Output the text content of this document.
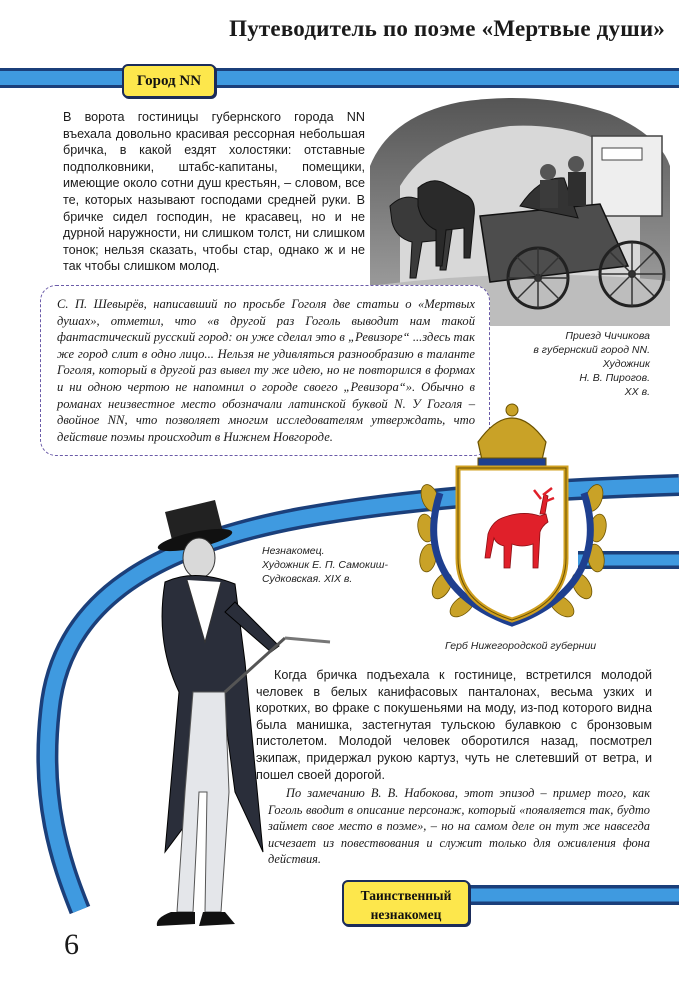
Путеводитель по поэме «Мертвые души»
Город NN
В ворота гостиницы губернского города NN въехала довольно красивая рессорная небольшая бричка, в какой ездят холостяки: отставные подполковники, штабс-капитаны, помещики, имеющие около сотни душ крестьян, – словом, все те, которых называют господами средней руки. В бричке сидел господин, не красавец, но и не дурной наружности, ни слишком толст, ни слишком тонок; нельзя сказать, чтобы стар, однако ж и не так чтобы слишком молод.
Приезд Чичикова
в губернский город NN.
Художник
Н. В. Пирогов.
XX в.
С. П. Шевырёв, написавший по просьбе Гоголя две статьи о «Мертвых душах», отметил, что «в другой раз Гоголь выводит нам такой фантастический русский город: он уже сделал это в „Ревизоре“ ...здесь так же город слит в одно лицо... Нельзя не удивляться разнообразию в таланте Гоголя, который в другой раз вывел ту же идею, но не повторился в формах и ни одною чертою не напомнил о городе своего „Ревизора“». Обычно в романах неизвестное место обозначали латинской буквой N. У Гоголя – двойное NN, что позволяет многим исследователям утверждать, что действие поэмы происходит в Нижнем Новгороде.
Герб Нижегородской губернии
Незнакомец.
Художник Е. П. Самокиш-
Судковская. XIX в.
Когда бричка подъехала к гостинице, встретился молодой человек в белых канифасовых панталонах, весьма узких и коротких, во фраке с покушеньями на моду, из-под которого видна была манишка, застегнутая тульскою булавкою с бронзовым пистолетом. Молодой человек оборотился назад, посмотрел экипаж, придержал рукою картуз, чуть не слетевший от ветра, и пошел своей дорогой.
По замечанию В. В. Набокова, этот эпизод – пример того, как Гоголь вводит в описание персонаж, который «появляется так, будто займет свое место в поэме», – но на самом деле он тут же навсегда исчезает из повествования и служит только для оживления фона действия.
Таинственный
незнакомец
6
